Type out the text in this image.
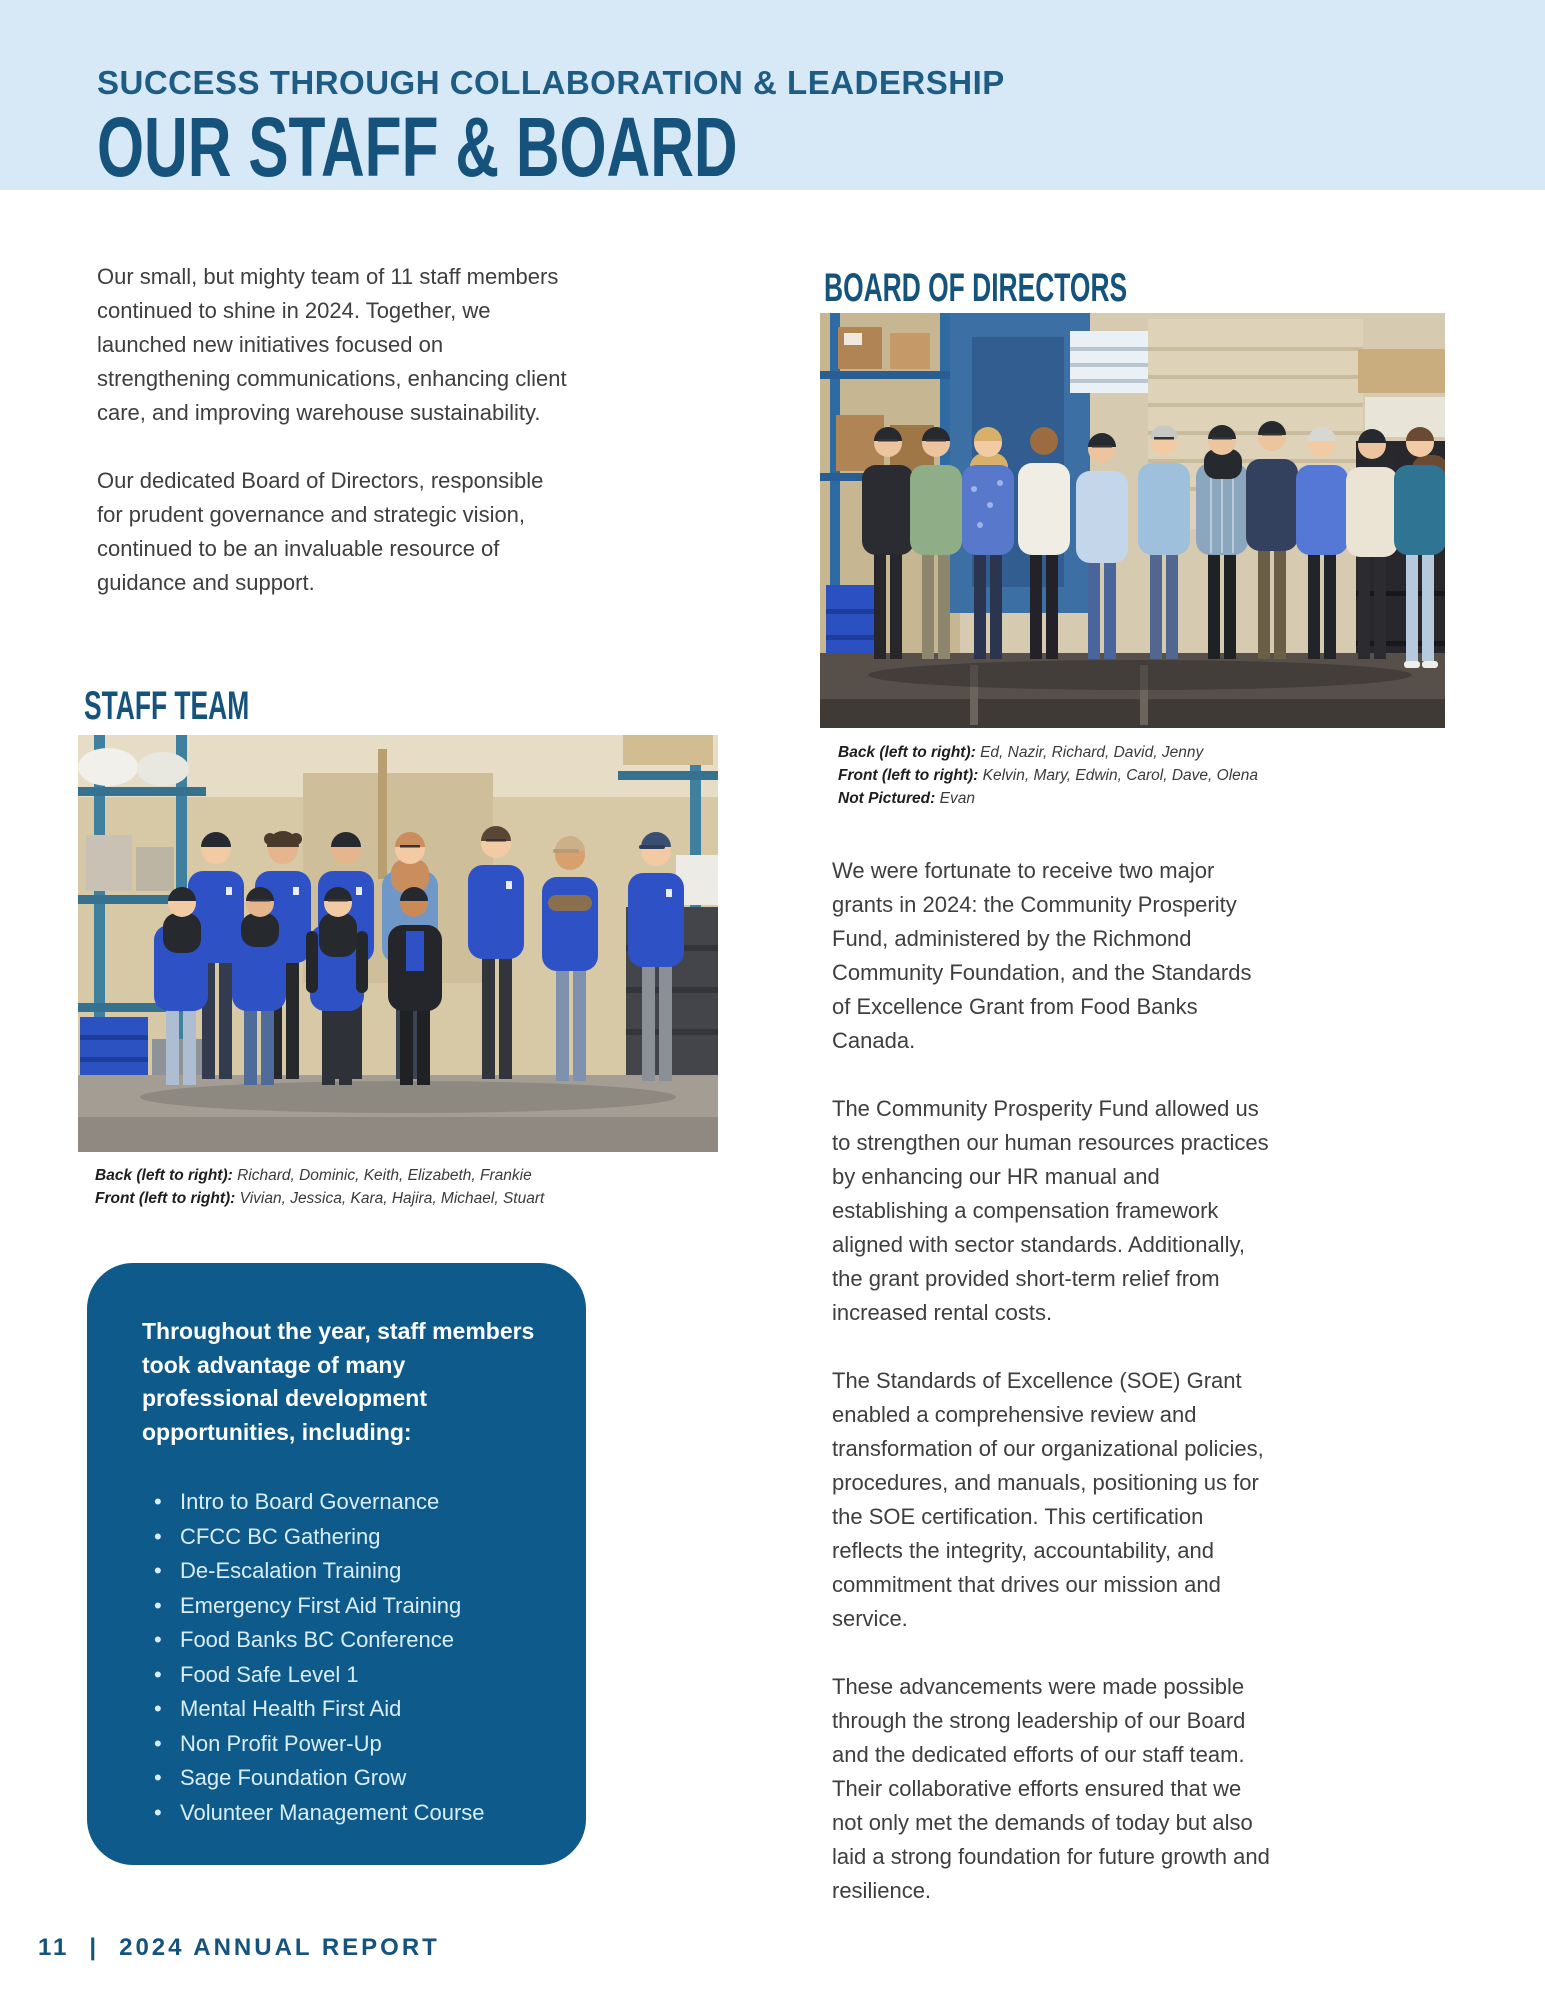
SUCCESS THROUGH COLLABORATION & LEADERSHIP
OUR STAFF & BOARD

Our small, but mighty team of 11 staff members continued to shine in 2024. Together, we launched new initiatives focused on strengthening communications, enhancing client care, and improving warehouse sustainability.

Our dedicated Board of Directors, responsible for prudent governance and strategic vision, continued to be an invaluable resource of guidance and support.

STAFF TEAM
Back (left to right): Richard, Dominic, Keith, Elizabeth, Frankie
Front (left to right): Vivian, Jessica, Kara, Hajira, Michael, Stuart

Throughout the year, staff members took advantage of many professional development opportunities, including:

• Intro to Board Governance
• CFCC BC Gathering
• De-Escalation Training
• Emergency First Aid Training
• Food Banks BC Conference
• Food Safe Level 1
• Mental Health First Aid
• Non Profit Power-Up
• Sage Foundation Grow
• Volunteer Management Course
BOARD OF DIRECTORS
Back (left to right): Ed, Nazir, Richard, David, Jenny
Front (left to right): Kelvin, Mary, Edwin, Carol, Dave, Olena
Not Pictured: Evan

We were fortunate to receive two major grants in 2024: the Community Prosperity Fund, administered by the Richmond Community Foundation, and the Standards of Excellence Grant from Food Banks Canada.

The Community Prosperity Fund allowed us to strengthen our human resources practices by enhancing our HR manual and establishing a compensation framework aligned with sector standards. Additionally, the grant provided short-term relief from increased rental costs.

The Standards of Excellence (SOE) Grant enabled a comprehensive review and transformation of our organizational policies, procedures, and manuals, positioning us for the SOE certification. This certification reflects the integrity, accountability, and commitment that drives our mission and service.

These advancements were made possible through the strong leadership of our Board and the dedicated efforts of our staff team. Their collaborative efforts ensured that we not only met the demands of today but also laid a strong foundation for future growth and resilience.

11 | 2024 ANNUAL REPORT
